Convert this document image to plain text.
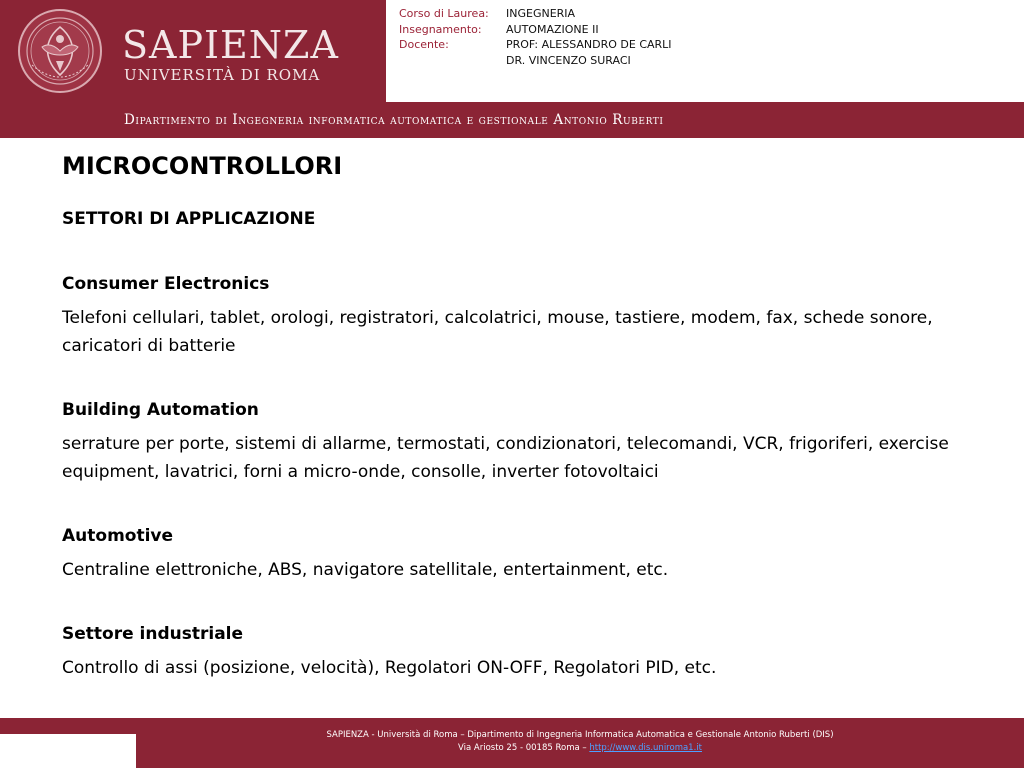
SAPIENZA
UNIVERSITÀ DI ROMA
Corso di Laurea:	INGEGNERIA
Insegnamento:	AUTOMAZIONE II
Docente:	PROF: ALESSANDRO DE CARLI
DR. VINCENZO SURACI
Dipartimento di Ingegneria informatica automatica e gestionale Antonio Ruberti
MICROCONTROLLORI
SETTORI DI APPLICAZIONE
Consumer Electronics
Telefoni cellulari, tablet, orologi, registratori, calcolatrici, mouse, tastiere, modem, fax, schede sonore, caricatori di batterie
Building Automation
serrature per porte, sistemi di allarme, termostati, condizionatori, telecomandi, VCR, frigoriferi, exercise equipment, lavatrici, forni a micro-onde, consolle, inverter fotovoltaici
Automotive
Centraline elettroniche, ABS, navigatore satellitale, entertainment, etc.
Settore industriale
Controllo di assi (posizione, velocità), Regolatori ON-OFF, Regolatori PID, etc.
SAPIENZA - Università di Roma – Dipartimento di Ingegneria Informatica Automatica e Gestionale Antonio Ruberti (DIS)
Via Ariosto 25 - 00185 Roma – http://www.dis.uniroma1.it
